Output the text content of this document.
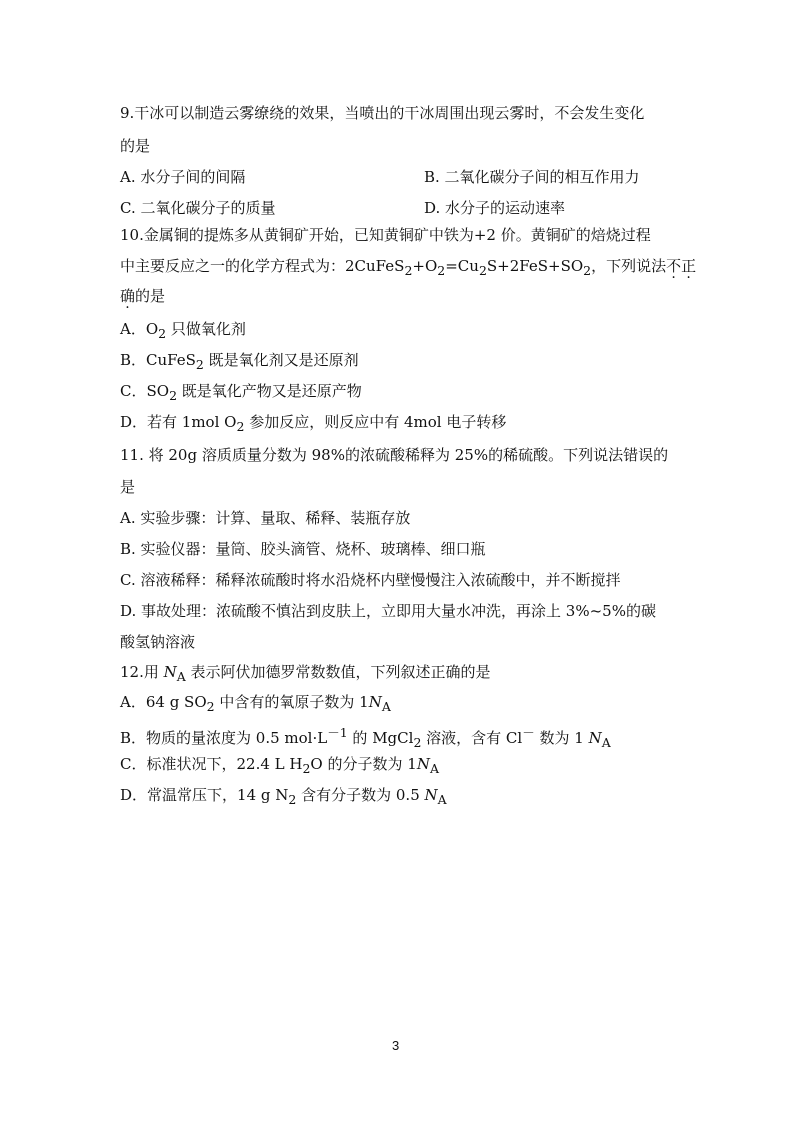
9.干冰可以制造云雾缭绕的效果，当喷出的干冰周围出现云雾时，不会发生变化
的是
A. 水分子间的间隔	B. 二氧化碳分子间的相互作用力
C. 二氧化碳分子的质量	D. 水分子的运动速率
10.金属铜的提炼多从黄铜矿开始，已知黄铜矿中铁为+2 价。黄铜矿的焙烧过程
中主要反应之一的化学方程式为：$2CuFeS_2+O_2=Cu_2S+2FeS+SO_2$，下列说法不正
确的是
A．$O_2$ 只做氧化剂
B．CuFeS$_2$ 既是氧化剂又是还原剂
C．$SO_2$ 既是氧化产物又是还原产物
D．若有 1mol $O_2$ 参加反应，则反应中有 4mol 电子转移
11. 将 20g 溶质质量分数为 98%的浓硫酸稀释为 25%的稀硫酸。下列说法错误的
是
A. 实验步骤：计算、量取、稀释、装瓶存放
B. 实验仪器：量筒、胶头滴管、烧杯、玻璃棒、细口瓶
C. 溶液稀释：稀释浓硫酸时将水沿烧杯内壁慢慢注入浓硫酸中，并不断搅拌
D. 事故处理：浓硫酸不慎沾到皮肤上，立即用大量水冲洗，再涂上 3%~5%的碳
酸氢钠溶液
12.用 $N_A$ 表示阿伏加德罗常数数值，下列叙述正确的是
A．64 g $SO_2$ 中含有的氧原子数为 $1N_A$
B．物质的量浓度为 0.5 $mol\cdot L^{-1}$ 的 MgCl$_2$ 溶液，含有 Cl－ 数为 1 $N_A$
C．标准状况下，22.4 L $H_2O$ 的分子数为 $1N_A$
D．常温常压下，14 g $N_2$ 含有分子数为 0.5 $N_A$
3
